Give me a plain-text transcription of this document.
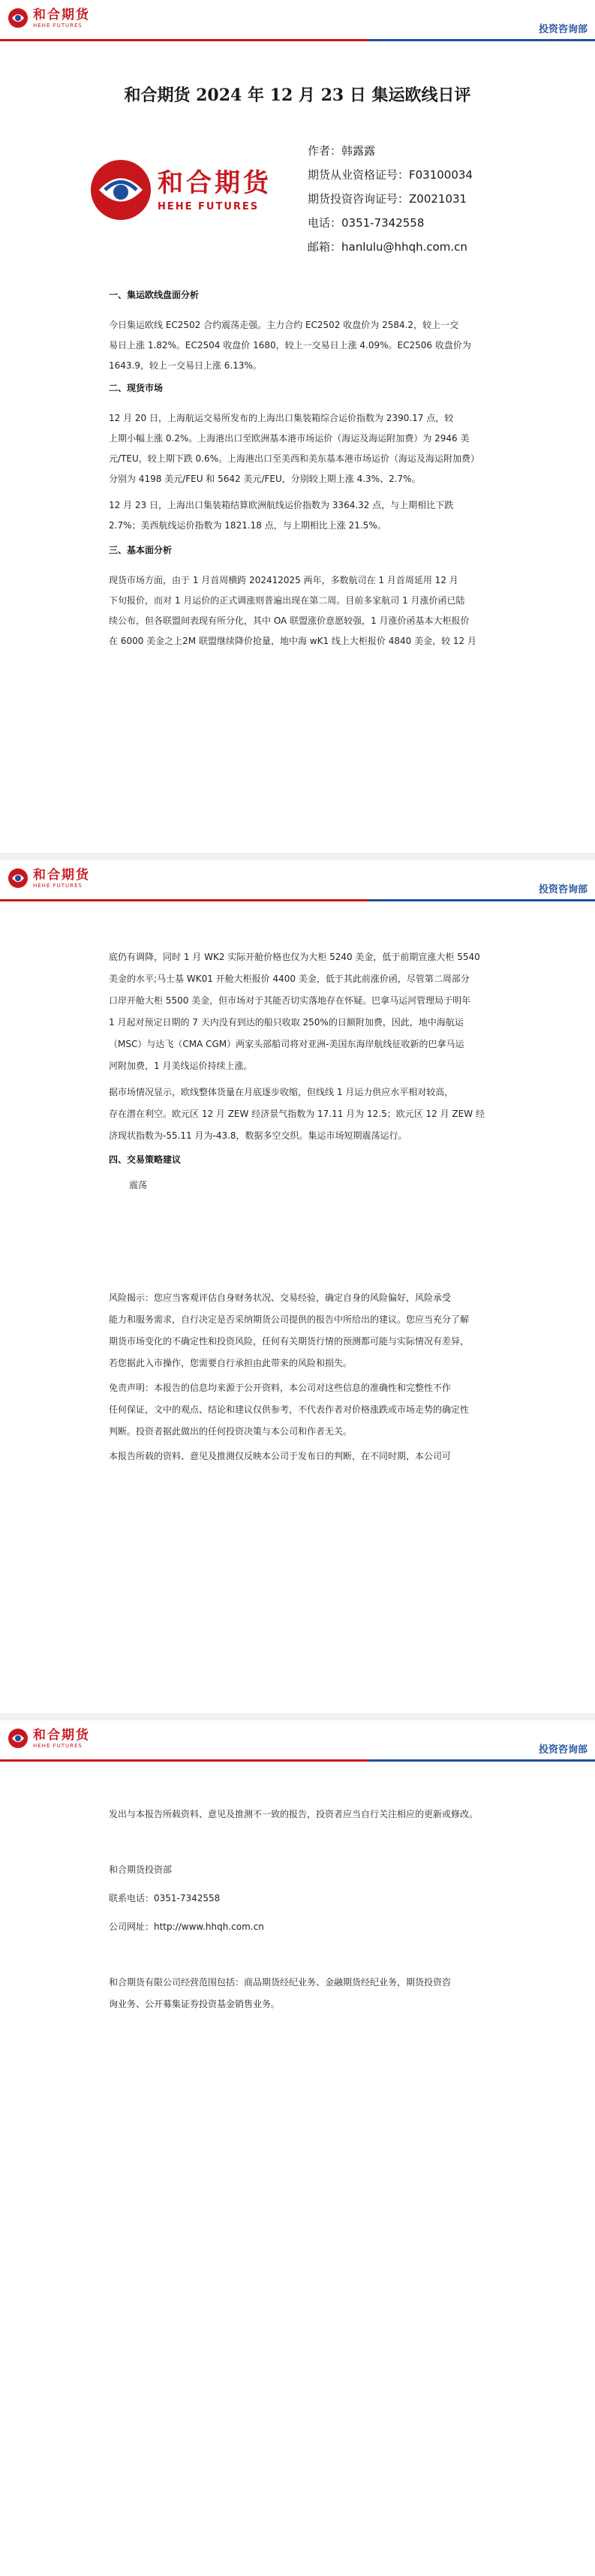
和合期货
HEHE FUTURES	投资咨询部
和合期货 2024 年 12 月 23 日 集运欧线日评
和合期货
HEHE FUTURES
作者：韩露露
期货从业资格证号：F03100034
期货投资咨询证号：Z0021031
电话：0351-7342558
邮箱：hanlulu@hhqh.com.cn
一、集运欧线盘面分析
今日集运欧线 EC2502 合约震荡走强。主力合约 EC2502 收盘价为 2584.2，较上一交
易日上涨 1.82%。EC2504 收盘价 1680，较上一交易日上涨 4.09%。EC2506 收盘价为
1643.9，较上一交易日上涨 6.13%。
二、现货市场
12 月 20 日，上海航运交易所发布的上海出口集装箱综合运价指数为 2390.17 点，较
上期小幅上涨 0.2%。上海港出口至欧洲基本港市场运价（海运及海运附加费）为 2946 美
元/TEU，较上期下跌 0.6%。上海港出口至美西和美东基本港市场运价（海运及海运附加费）
分别为 4198 美元/FEU 和 5642 美元/FEU，分别较上期上涨 4.3%、2.7%。
12 月 23 日，上海出口集装箱结算欧洲航线运价指数为 3364.32 点，与上期相比下跌
2.7%；美西航线运价指数为 1821.18 点，与上期相比上涨 21.5%。
三、基本面分析
现货市场方面，由于 1 月首周横跨 202412025 两年，多数航司在 1 月首周延用 12 月
下旬报价，而对 1 月运价的正式调涨则普遍出现在第二周。目前多家航司 1 月涨价函已陆
续公布，但各联盟间表现有所分化，其中 OA 联盟涨价意愿较强，1 月涨价函基本大柜报价
在 6000 美金之上2M 联盟继续降价抢量，地中海 wK1 线上大柜报价 4840 美金，较 12 月
和合期货
HEHE FUTURES	投资咨询部
底仍有调降，同时 1 月 WK2 实际开舱价格也仅为大柜 5240 美金，低于前期宣涨大柜 5540
美金的水平;马士基 WK01 开舱大柜报价 4400 美金，低于其此前涨价函，尽管第二周部分
口岸开舱大柜 5500 美金，但市场对于其能否切实落地存在怀疑。巴拿马运河管理局于明年
1 月起对预定日期的 7 天内没有到达的船只收取 250%的日额附加费，因此，地中海航运
（MSC）与达飞（CMA CGM）两家头部船司将对亚洲-美国东海岸航线征收新的巴拿马运
河附加费，1 月美线运价持续上涨。
据市场情况显示，欧线整体货量在月底逐步收缩，但线线 1 月运力供应水平相对较高，
存在潜在利空。欧元区 12 月 ZEW 经济景气指数为 17.11 月为 12.5；欧元区 12 月 ZEW 经
济现状指数为-55.11 月为-43.8，数据多空交织。集运市场短期震荡运行。
四、交易策略建议
震荡
风险揭示：您应当客观评估自身财务状况、交易经验，确定自身的风险偏好，风险承受
能力和服务需求，自行决定是否采纳期货公司提供的报告中所给出的建议。您应当充分了解
期货市场变化的不确定性和投资风险，任何有关期货行情的预测都可能与实际情况有差异，
若您据此入市操作，您需要自行承担由此带来的风险和损失。
免责声明：本报告的信息均来源于公开资料，本公司对这些信息的准确性和完整性不作
任何保证，文中的观点、结论和建议仅供参考，不代表作者对价格涨跌或市场走势的确定性
判断。投资者据此做出的任何投资决策与本公司和作者无关。
本报告所载的资料、意见及推测仅反映本公司于发布日的判断，在不同时期，本公司可
和合期货
HEHE FUTURES	投资咨询部
发出与本报告所载资料、意见及推测不一致的报告，投资者应当自行关注相应的更新或修改。
和合期货投资部
联系电话：0351-7342558
公司网址：http://www.hhqh.com.cn
和合期货有限公司经营范围包括：商品期货经纪业务、金融期货经纪业务，期货投资咨
询业务、公开募集证券投资基金销售业务。
